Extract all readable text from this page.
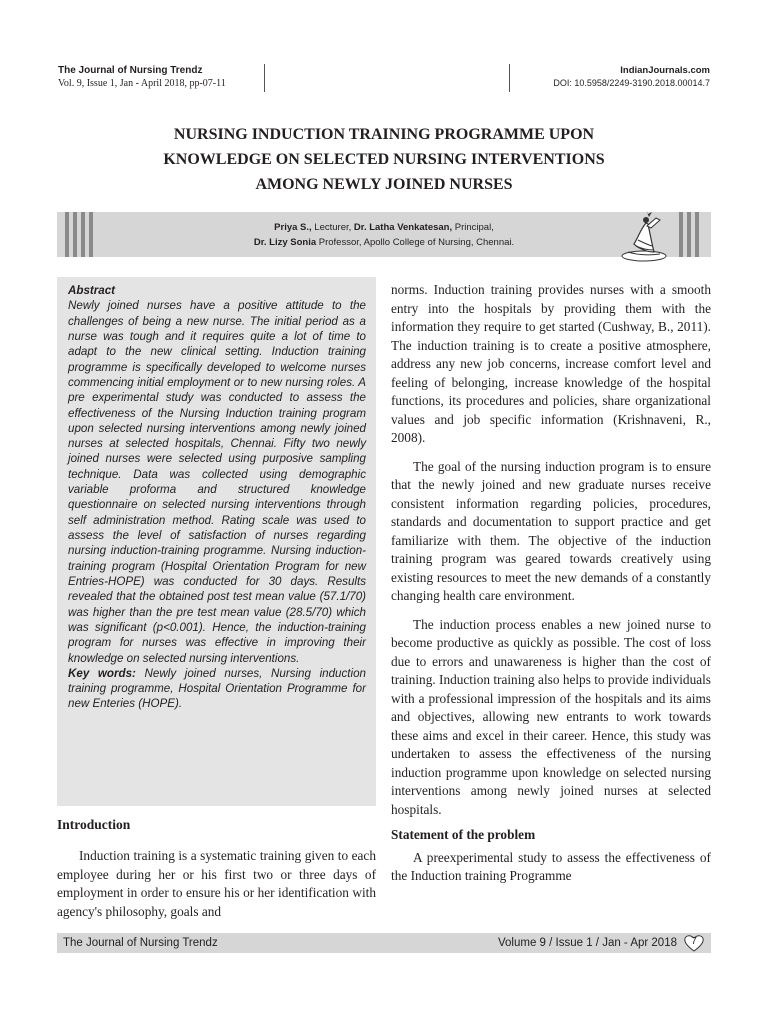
The Journal of Nursing Trendz
Vol. 9, Issue 1, Jan - April 2018, pp-07-11
IndianJournals.com
DOI: 10.5958/2249-3190.2018.00014.7
NURSING INDUCTION TRAINING PROGRAMME UPON
KNOWLEDGE ON SELECTED NURSING INTERVENTIONS
AMONG NEWLY JOINED NURSES
Priya S., Lecturer, Dr. Latha Venkatesan, Principal,
Dr. Lizy Sonia Professor, Apollo College of Nursing, Chennai.
Abstract
Newly joined nurses have a positive attitude to the challenges of being a new nurse. The initial period as a nurse was tough and it requires quite a lot of time to adapt to the new clinical setting. Induction training programme is specifically developed to welcome nurses commencing initial employment or to new nursing roles. A pre experimental study was conducted to assess the effectiveness of the Nursing Induction training program upon selected nursing interventions among newly joined nurses at selected hospitals, Chennai. Fifty two newly joined nurses were selected using purposive sampling technique. Data was collected using demographic variable proforma and structured knowledge questionnaire on selected nursing interventions through self administration method. Rating scale was used to assess the level of satisfaction of nurses regarding nursing induction-training programme. Nursing induction-training program (Hospital Orientation Program for new Entries-HOPE) was conducted for 30 days. Results revealed that the obtained post test mean value (57.1/70) was higher than the pre test mean value (28.5/70) which was significant (p<0.001). Hence, the induction-training program for nurses was effective in improving their knowledge on selected nursing interventions.
Key words: Newly joined nurses, Nursing induction training programme, Hospital Orientation Programme for new Enteries (HOPE).
Introduction

Induction training is a systematic training given to each employee during her or his first two or three days of employment in order to ensure his or her identification with agency's philosophy, goals and

norms. Induction training provides nurses with a smooth entry into the hospitals by providing them with the information they require to get started (Cushway, B., 2011). The induction training is to create a positive atmosphere, address any new job concerns, increase comfort level and feeling of belonging, increase knowledge of the hospital functions, its procedures and policies, share organizational values and job specific information (Krishnaveni, R., 2008).

The goal of the nursing induction program is to ensure that the newly joined and new graduate nurses receive consistent information regarding policies, procedures, standards and documentation to support practice and get familiarize with them. The objective of the induction training program was geared towards creatively using existing resources to meet the new demands of a constantly changing health care environment.

The induction process enables a new joined nurse to become productive as quickly as possible. The cost of loss due to errors and unawareness is higher than the cost of training. Induction training also helps to provide individuals with a professional impression of the hospitals and its aims and objectives, allowing new entrants to work towards these aims and excel in their career. Hence, this study was undertaken to assess the effectiveness of the nursing induction programme upon knowledge on selected nursing interventions among newly joined nurses at selected hospitals.

Statement of the problem

A preexperimental study to assess the effectiveness of the Induction training Programme

The Journal of Nursing Trendz	Volume 9 / Issue 1 / Jan - Apr 2018	7
